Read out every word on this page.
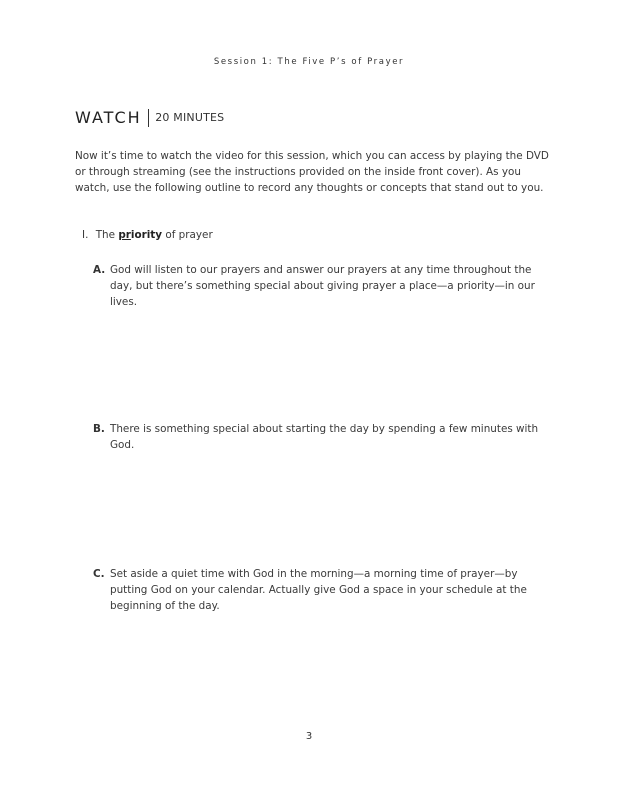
Session 1: The Five P’s of Prayer
WATCH 20 MINUTES
Now it’s time to watch the video for this session, which you can access by playing the DVD or through streaming (see the instructions provided on the inside front cover). As you watch, use the following outline to record any thoughts or concepts that stand out to you.
I. The priority of prayer
A. God will listen to our prayers and answer our prayers at any time throughout the day, but there’s something special about giving prayer a place—a priority—in our lives.
B. There is something special about starting the day by spending a few minutes with God.
C. Set aside a quiet time with God in the morning—a morning time of prayer—by putting God on your calendar. Actually give God a space in your schedule at the beginning of the day.
3
